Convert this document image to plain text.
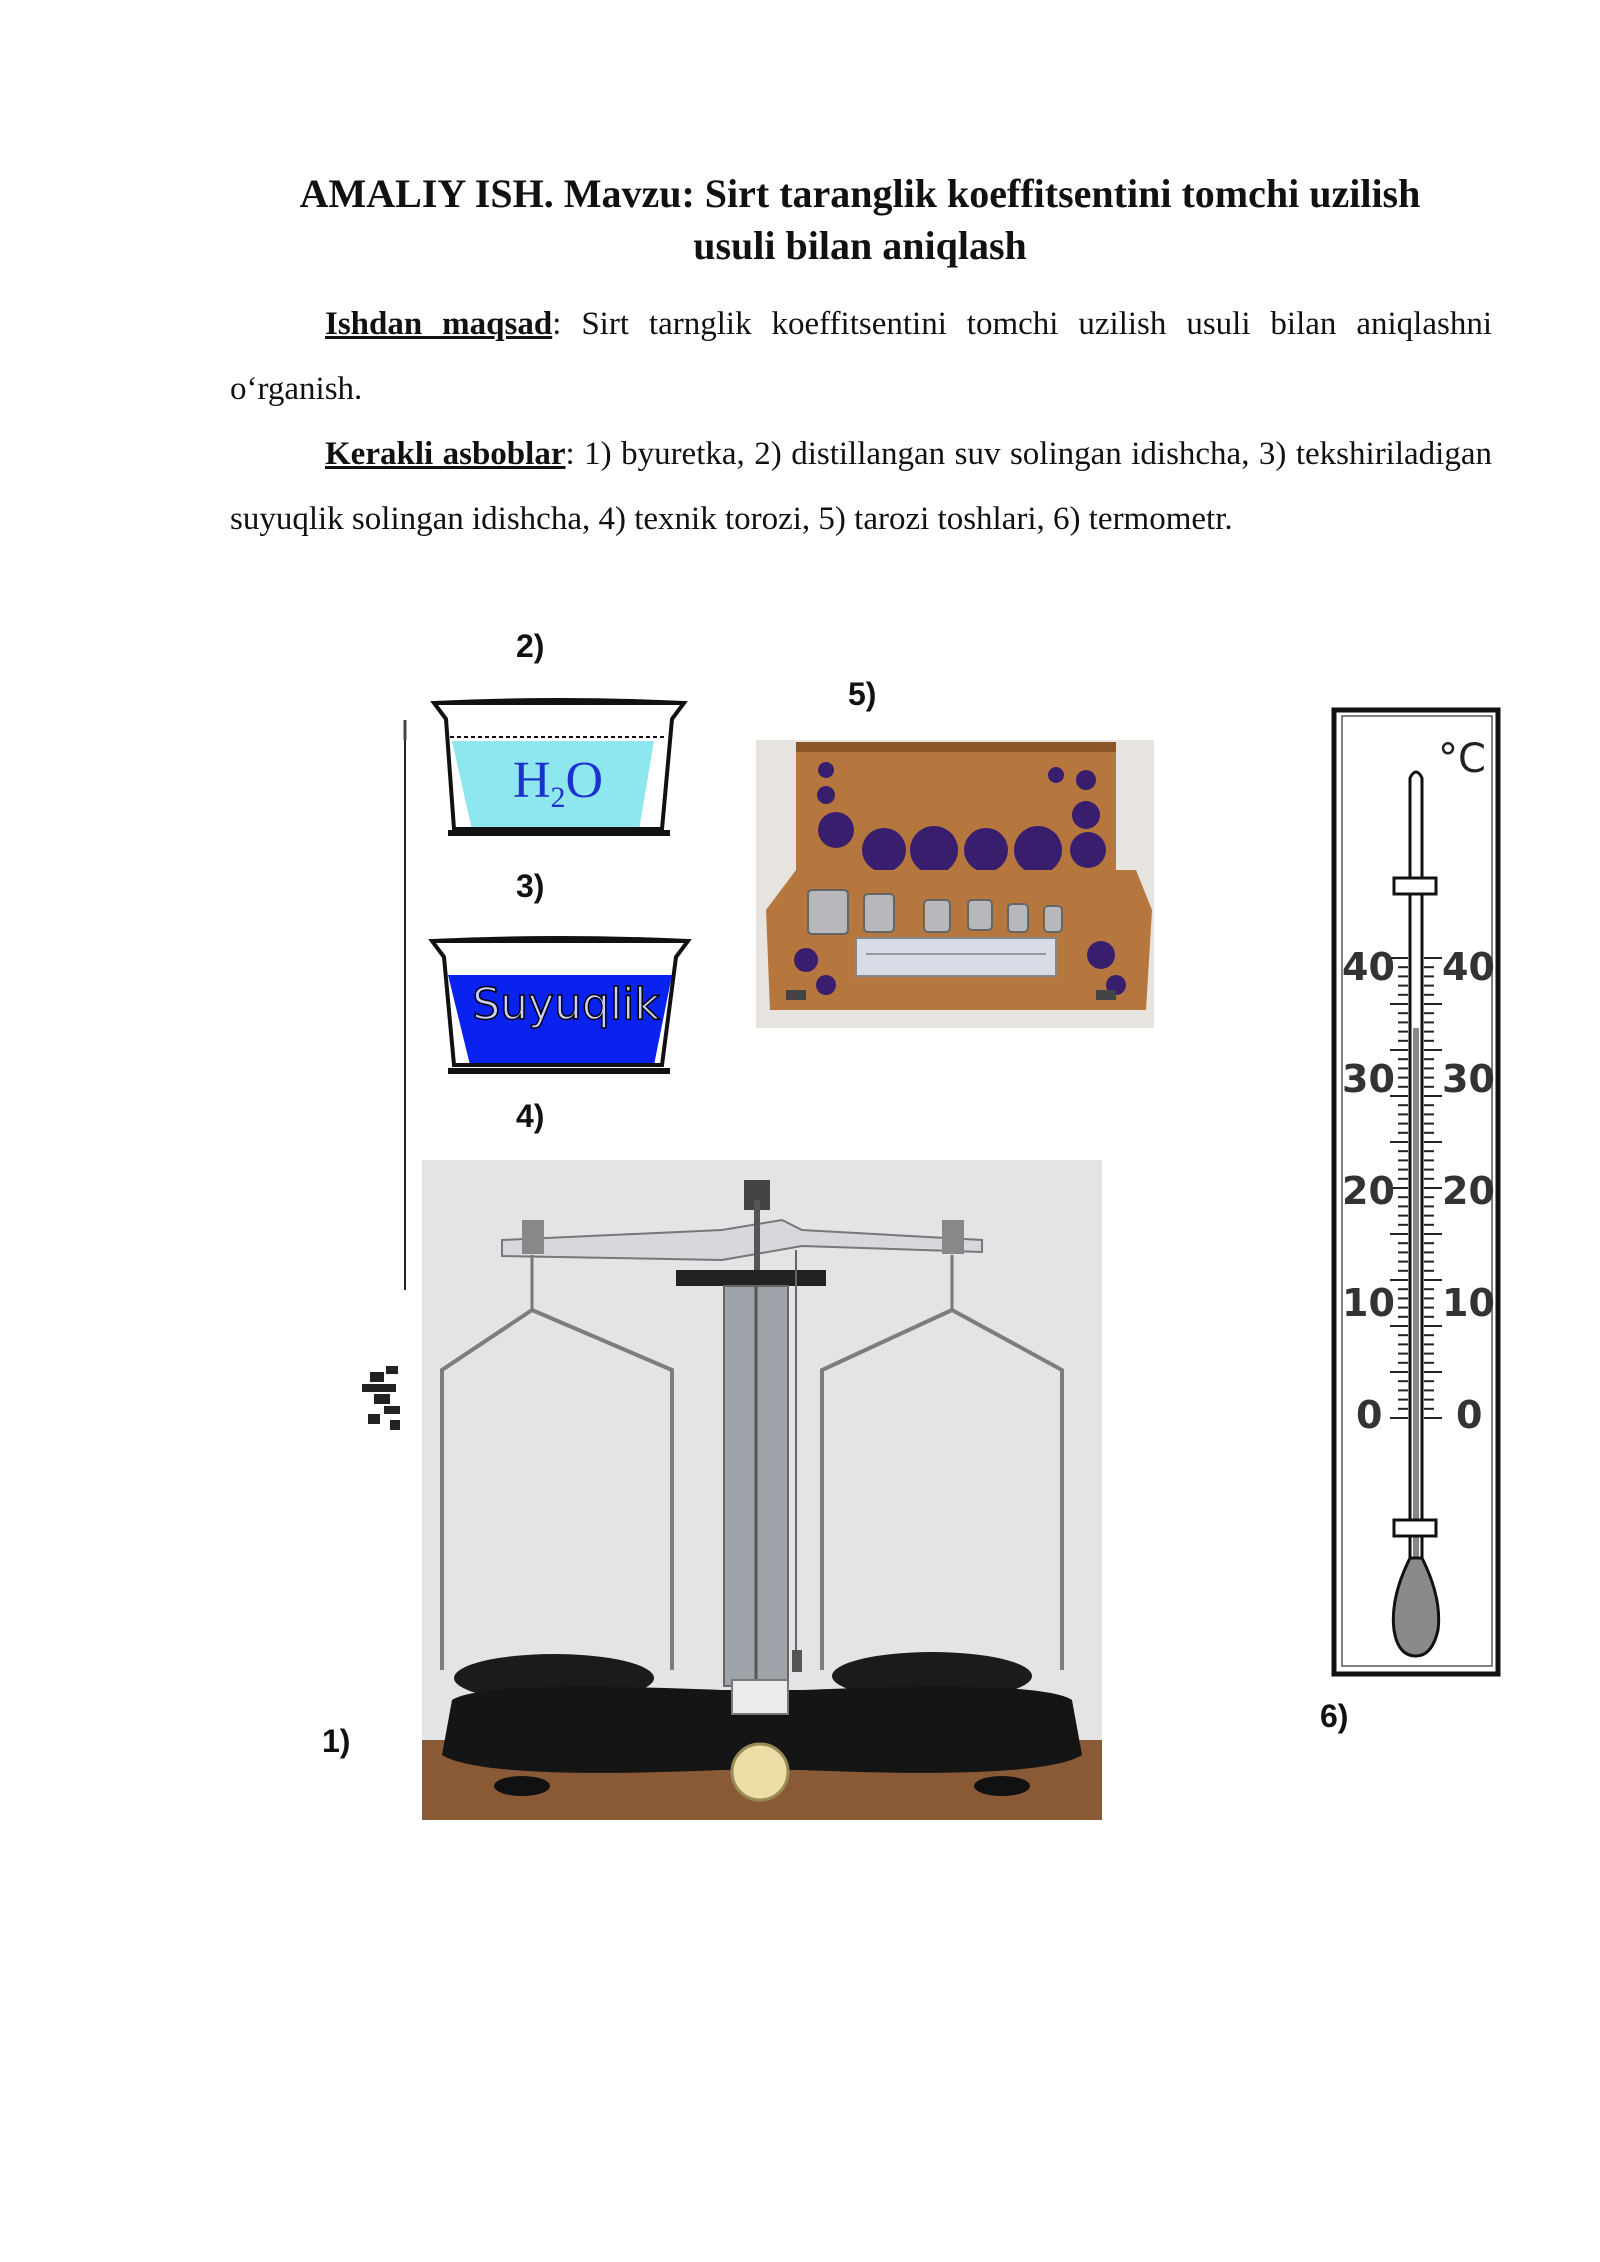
AMALIY ISH. Mavzu: Sirt taranglik koeffitsentini tomchi uzilish
usuli bilan aniqlash
Ishdan maqsad: Sirt tarnglik koeffitsentini tomchi uzilish usuli bilan aniqlashni o‘rganish.
Kerakli asboblar: 1) byuretka, 2) distillangan suv solingan idishcha, 3) tekshiriladigan suyuqlik solingan idishcha, 4) texnik torozi, 5) tarozi toshlari, 6) termometr.
2)
5)
3)
4)
1)
6)
H2O
Suyuqlik
°C
40
30
20
10
0
40
30
20
10
0
